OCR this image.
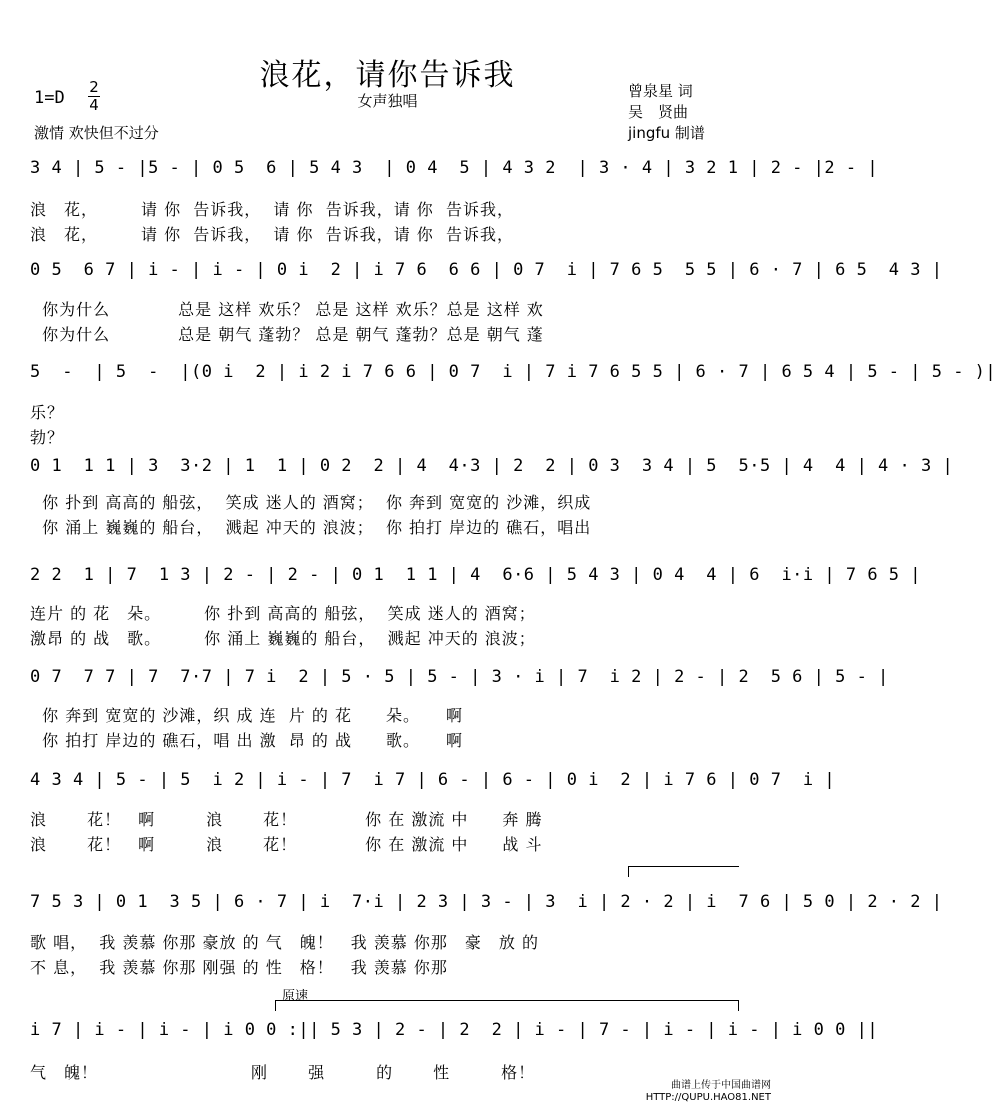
浪花，请你告诉我
女声独唱
1=D
2
4
激情 欢快但不过分
曾泉星 词
吴　贤曲
jingfu 制谱
3 4 | 5 - |5 - | 0 5  6 | 5 4 3  | 0 4  5 | 4 3 2  | 3 · 4 | 3 2 1 | 2 - |2 - |
浪　花，　　　请 你  告诉我，  请 你  告诉我，请 你  告诉我，
浪　花，　　　请 你  告诉我，  请 你  告诉我，请 你  告诉我，
0 5  6 7 | i - | i - | 0 i  2 | i 7 6  6 6 | 0 7  i | 7 6 5  5 5 | 6 · 7 | 6 5  4 3 |
你为什么　　　　总是 这样 欢乐？ 总是 这样 欢乐？总是 这样 欢
你为什么　　　　总是 朝气 蓬勃？ 总是 朝气 蓬勃？总是 朝气 蓬
5  -  | 5  -  |(0 i  2 | i 2 i 7 6 6 | 0 7  i | 7 i 7 6 5 5 | 6 · 7 | 6 5 4 | 5 - | 5 - )|
乐？
勃？
0 1  1 1 | 3  3·2 | 1  1 | 0 2  2 | 4  4·3 | 2  2 | 0 3  3 4 | 5  5·5 | 4  4 | 4 · 3 |
你 扑到 高高的 船弦，  笑成 迷人的 酒窝；  你 奔到 宽宽的 沙滩，织成
你 涌上 巍巍的 船台，  溅起 冲天的 浪波；  你 拍打 岸边的 礁石，唱出
2 2  1 | 7  1 3 | 2 - | 2 - | 0 1  1 1 | 4  6·6 | 5 4 3 | 0 4  4 | 6  i·i | 7 6 5 |
连片 的 花　朵。　　　你 扑到 高高的 船弦，  笑成 迷人的 酒窝；
激昂 的 战　歌。　　　你 涌上 巍巍的 船台，  溅起 冲天的 浪波；
0 7  7 7 | 7  7·7 | 7 i  2 | 5 · 5 | 5 - | 3 · i | 7  i 2 | 2 - | 2  5 6 | 5 - |
你 奔到 宽宽的 沙滩，织 成 连  片 的 花　　朵。　　啊
你 拍打 岸边的 礁石，唱 出 激  昂 的 战　　歌。　　啊
4 3 4 | 5 - | 5  i 2 | i - | 7  i 7 | 6 - | 6 - | 0 i  2 | i 7 6 | 0 7  i |
浪　　 花！　啊　　　浪　　 花！　　　　你 在 激流 中　　奔 腾
浪　　 花！　啊　　　浪　　 花！　　　　你 在 激流 中　　战 斗
7 5 3 | 0 1  3 5 | 6 · 7 | i  7·i | 2 3 | 3 - | 3  i | 2 · 2 | i  7 6 | 5 0 | 2 · 2 |
歌 唱，  我 羡慕 你那 豪放 的 气　魄！　我 羡慕 你那　豪　放 的
不 息，  我 羡慕 你那 刚强 的 性　格！　我 羡慕 你那
原速
i 7 | i - | i - | i 0 0 :|| 5 3 | 2 - | 2  2 | i - | 7 - | i - | i - | i 0 0 ||
气　魄！　　　　　　　　　刚　　 强　　　的　　 性　　　格！
曲谱上传于中国曲谱网
HTTP://QUPU.HAO81.NET
